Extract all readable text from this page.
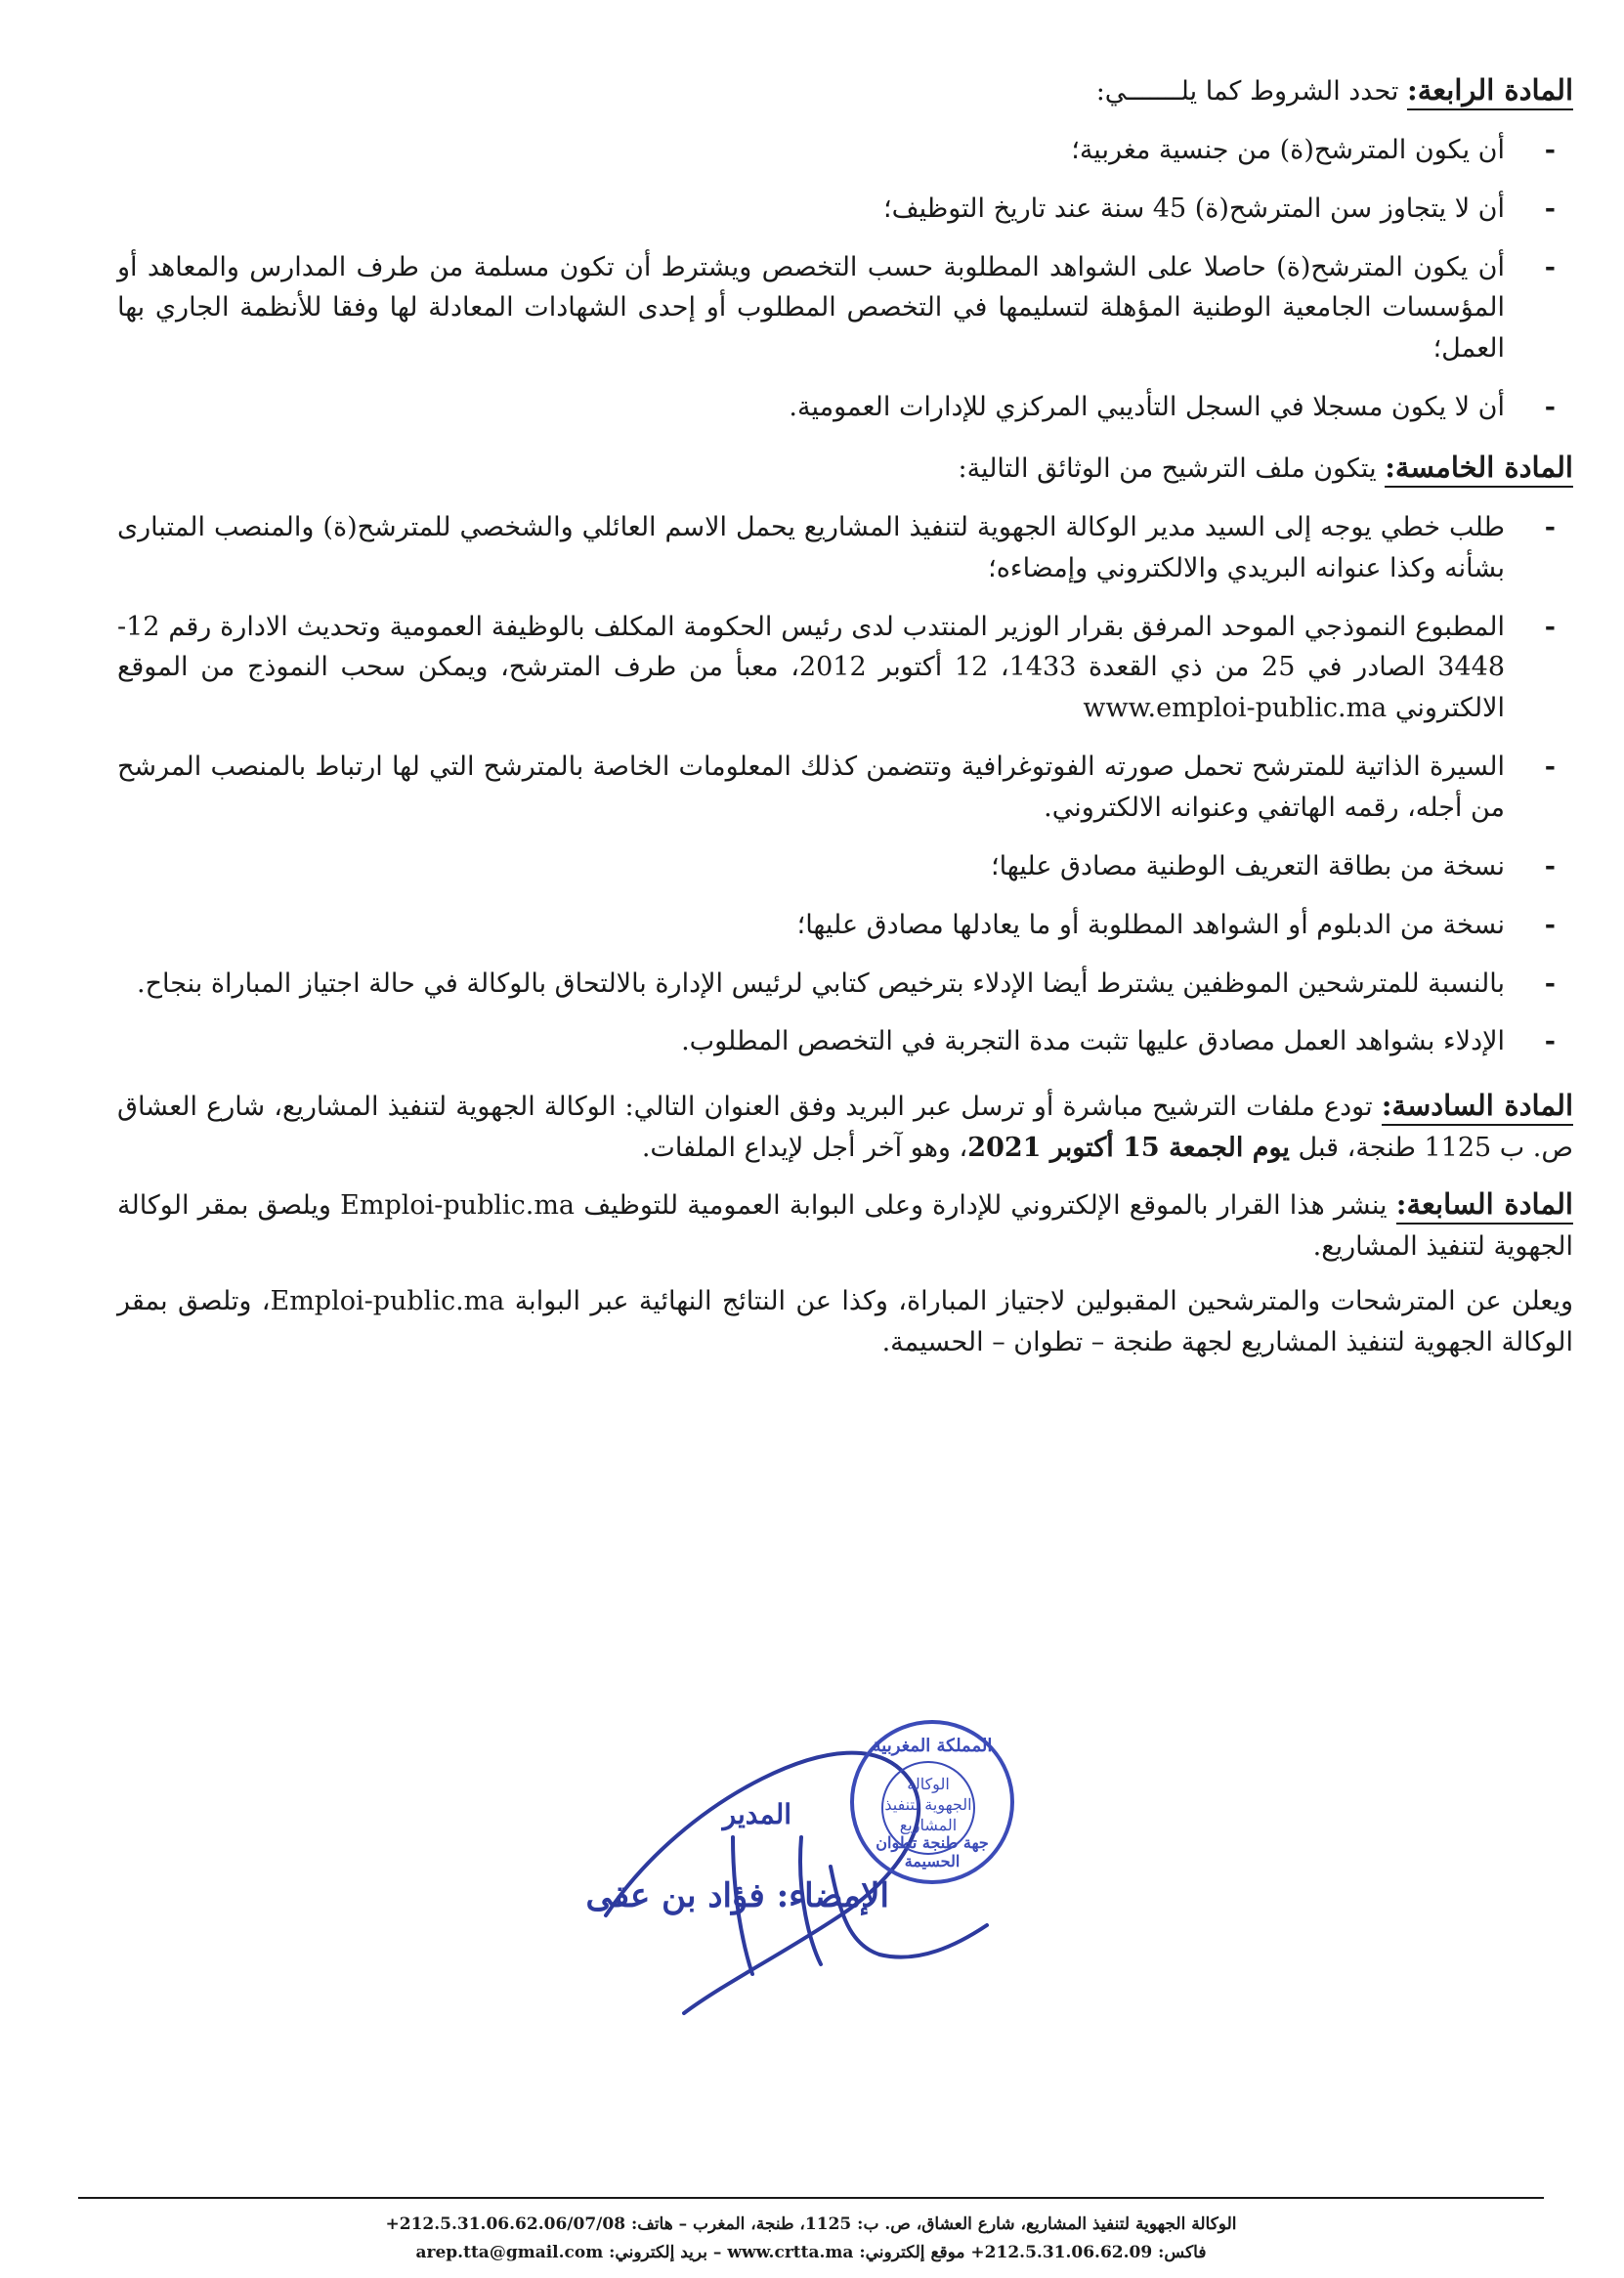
المادة الرابعة: تحدد الشروط كما يلـــــــي:
- أن يكون المترشح(ة) من جنسية مغربية؛
- أن لا يتجاوز سن المترشح(ة) 45 سنة عند تاريخ التوظيف؛
- أن يكون المترشح(ة) حاصلا على الشواهد المطلوبة حسب التخصص ويشترط أن تكون مسلمة من طرف المدارس والمعاهد أو المؤسسات الجامعية الوطنية المؤهلة لتسليمها في التخصص المطلوب أو إحدى الشهادات المعادلة لها وفقا للأنظمة الجاري بها العمل؛
- أن لا يكون مسجلا في السجل التأديبي المركزي للإدارات العمومية.
المادة الخامسة: يتكون ملف الترشيح من الوثائق التالية:
- طلب خطي يوجه إلى السيد مدير الوكالة الجهوية لتنفيذ المشاريع يحمل الاسم العائلي والشخصي للمترشح(ة) والمنصب المتبارى بشأنه وكذا عنوانه البريدي والالكتروني وإمضاءه؛
- المطبوع النموذجي الموحد المرفق بقرار الوزير المنتدب لدى رئيس الحكومة المكلف بالوظيفة العمومية وتحديث الادارة رقم 12-3448 الصادر في 25 من ذي القعدة 1433، 12 أكتوبر 2012، معبأ من طرف المترشح، ويمكن سحب النموذج من الموقع الالكتروني www.emploi-public.ma
- السيرة الذاتية للمترشح تحمل صورته الفوتوغرافية وتتضمن كذلك المعلومات الخاصة بالمترشح التي لها ارتباط بالمنصب المرشح من أجله، رقمه الهاتفي وعنوانه الالكتروني.
- نسخة من بطاقة التعريف الوطنية مصادق عليها؛
- نسخة من الدبلوم أو الشواهد المطلوبة أو ما يعادلها مصادق عليها؛
- بالنسبة للمترشحين الموظفين يشترط أيضا الإدلاء بترخيص كتابي لرئيس الإدارة بالالتحاق بالوكالة في حالة اجتياز المباراة بنجاح.
- الإدلاء بشواهد العمل مصادق عليها تثبت مدة التجربة في التخصص المطلوب.
المادة السادسة: تودع ملفات الترشيح مباشرة أو ترسل عبر البريد وفق العنوان التالي: الوكالة الجهوية لتنفيذ المشاريع، شارع العشاق ص. ب 1125 طنجة، قبل يوم الجمعة 15 أكتوبر 2021، وهو آخر أجل لإيداع الملفات.
المادة السابعة: ينشر هذا القرار بالموقع الإلكتروني للإدارة وعلى البوابة العمومية للتوظيف Emploi-public.ma ويلصق بمقر الوكالة الجهوية لتنفيذ المشاريع.
ويعلن عن المترشحات والمترشحين المقبولين لاجتياز المباراة، وكذا عن النتائج النهائية عبر البوابة Emploi-public.ma، وتلصق بمقر الوكالة الجهوية لتنفيذ المشاريع لجهة طنجة – تطوان – الحسيمة.
المدير
الإمضاء: فؤاد بن عقى
المملكة المغربية
الوكالة الجهوية لتنفيذ المشاريع
جهة طنجة تطوان الحسيمة
الوكالة الجهوية لتنفيذ المشاريع، شارع العشاق، ص. ب: 1125، طنجة، المغرب – هاتف: 212.5.31.06.62.06/07/08+
فاكس: 212.5.31.06.62.09+ موقع إلكتروني: www.crtta.ma – بريد إلكتروني: arep.tta@gmail.com
